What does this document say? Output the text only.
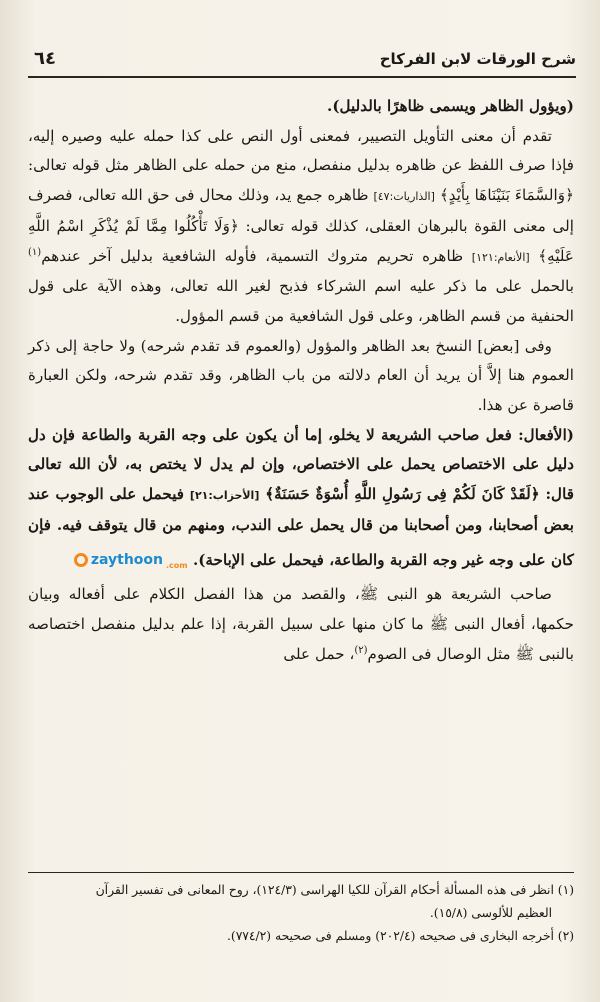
شرح الورقات لابن الفركاح
٦٤

(ويؤول الظاهر ويسمى ظاهرًا بالدليل).

تقدم أن معنى التأويل التصيير، فمعنى أول النص على كذا حمله عليه وصيره إليه، فإذا صرف اللفظ عن ظاهره بدليل منفصل، منع من حمله على الظاهر مثل قوله تعالى: ﴿وَالسَّمَاءَ بَنَيْنَاهَا بِأَيْدٍ﴾ [الذاريات:٤٧] ظاهره جمع يد، وذلك محال فى حق الله تعالى، فصرف إلى معنى القوة بالبرهان العقلى، كذلك قوله تعالى: ﴿وَلَا تَأْكُلُوا مِمَّا لَمْ يُذْكَرِ اسْمُ اللَّهِ عَلَيْهِ﴾ [الأنعام:١٢١] ظاهره تحريم متروك التسمية، فأوله الشافعية بدليل آخر عندهم$^{(١)}$ بالحمل على ما ذكر عليه اسم الشركاء فذبح لغير الله تعالى، وهذه الآية على قول الحنفية من قسم الظاهر، وعلى قول الشافعية من قسم المؤول.

وفى [بعض] النسخ بعد الظاهر والمؤول (والعموم قد تقدم شرحه) ولا حاجة إلى ذكر العموم هنا إلاَّ أن يريد أن العام دلالته من باب الظاهر، وقد تقدم شرحه، ولكن العبارة قاصرة عن هذا.

(الأفعال: فعل صاحب الشريعة لا يخلو، إما أن يكون على وجه القربة والطاعة فإن دل دليل على الاختصاص يحمل على الاختصاص، وإن لم يدل لا يختص به، لأن الله تعالى قال: ﴿لَقَدْ كَانَ لَكُمْ فِى رَسُولِ اللَّهِ أُسْوَةٌ حَسَنَةٌ﴾ [الأحزاب:٢١] فيحمل على الوجوب عند بعض أصحابنا، ومن أصحابنا من قال يحمل على الندب، ومنهم من قال يتوقف فيه. فإن كان على وجه غير وجه القربة والطاعة، فيحمل على الإباحة).
zaythoon .com

صاحب الشريعة هو النبى ﷺ، والقصد من هذا الفصل الكلام على أفعاله وبيان حكمها، أفعال النبى ﷺ ما كان منها على سبيل القربة، إذا علم بدليل منفصل اختصاصه بالنبى ﷺ مثل الوصال فى الصوم$^{(٢)}$، حمل على

(١) انظر فى هذه المسألة أحكام القرآن للكيا الهراسى (١٢٤/٣)، روح المعانى فى تفسير القرآن

العظيم للألوسى (١٥/٨).

(٢) أخرجه البخارى فى صحيحه (٢٠٢/٤) ومسلم فى صحيحه (٧٧٤/٢).
